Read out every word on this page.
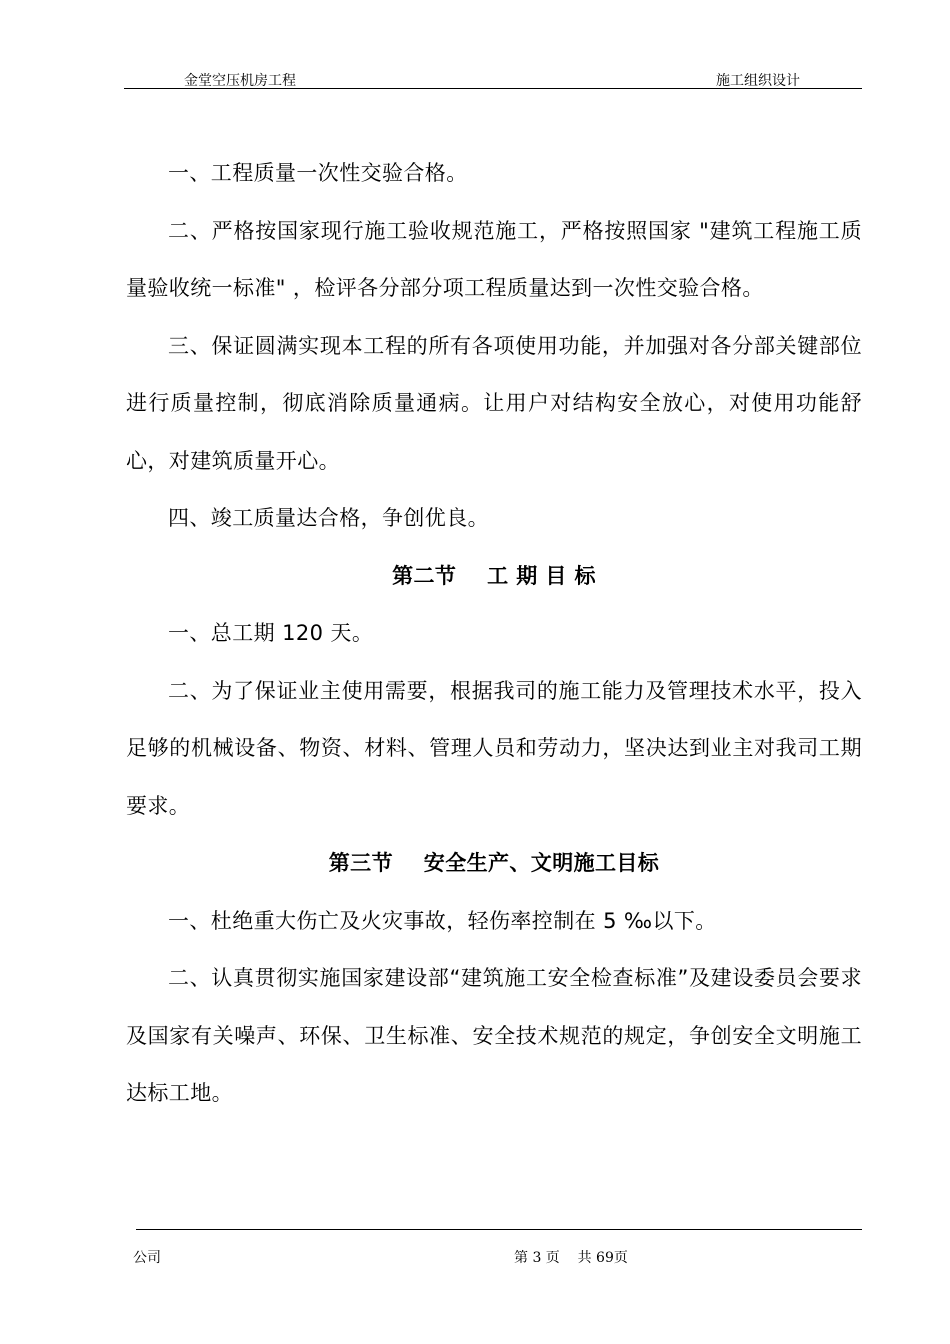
金堂空压机房工程	施工组织设计

一、工程质量一次性交验合格。

二、严格按国家现行施工验收规范施工，严格按照国家 "建筑工程施工质量验收统一标准" ，检评各分部分项工程质量达到一次性交验合格。

三、保证圆满实现本工程的所有各项使用功能，并加强对各分部关键部位进行质量控制，彻底消除质量通病。让用户对结构安全放心，对使用功能舒心，对建筑质量开心。

四、竣工质量达合格，争创优良。

第二节    工 期 目 标

一、总工期 120 天。

二、为了保证业主使用需要，根据我司的施工能力及管理技术水平，投入足够的机械设备、物资、材料、管理人员和劳动力，坚决达到业主对我司工期要求。

第三节    安全生产、文明施工目标

一、杜绝重大伤亡及火灾事故，轻伤率控制在 5 ‰以下。

二、认真贯彻实施国家建设部“建筑施工安全检查标准”及建设委员会要求及国家有关噪声、环保、卫生标准、安全技术规范的规定，争创安全文明施工达标工地。

公司	第 3 页    共 69页
